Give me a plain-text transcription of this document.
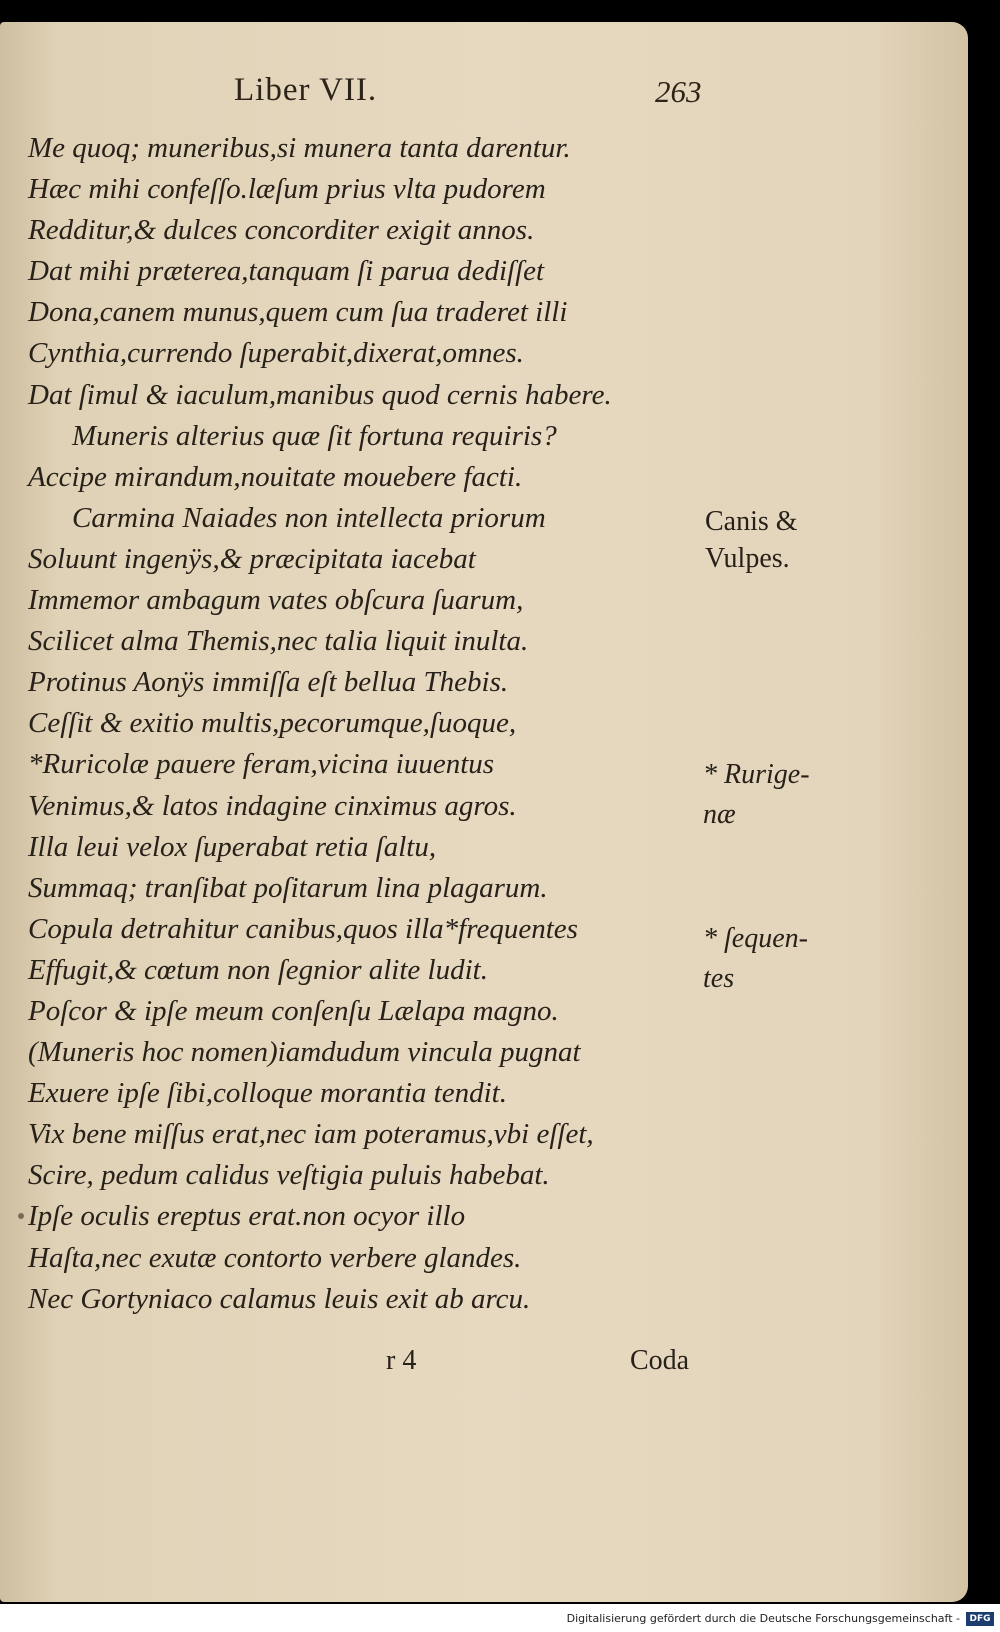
Liber VII.	263
Me quoq; muneribus,si munera tanta darentur.
Hæc mihi confeſſo.læſum prius vlta pudorem
Redditur,& dulces concorditer exigit annos.
Dat mihi præterea,tanquam ſi parua dediſſet
Dona,canem munus,quem cum ſua traderet illi
Cynthia,currendo ſuperabit,dixerat,omnes.
Dat ſimul & iaculum,manibus quod cernis habere.
Muneris alterius quæ ſit fortuna requiris?
Accipe mirandum,nouitate mouebere facti.
Carmina Naiades non intellecta priorum
Soluunt ingenÿs,& præcipitata iacebat
Immemor ambagum vates obſcura ſuarum,
Scilicet alma Themis,nec talia liquit inulta.
Protinus Aonÿs immiſſa eſt bellua Thebis.
Ceſſit & exitio multis,pecorumque,ſuoque,
*Ruricolæ pauere feram,vicina iuuentus
Venimus,& latos indagine cinximus agros.
Illa leui velox ſuperabat retia ſaltu,
Summaq; tranſibat poſitarum lina plagarum.
Copula detrahitur canibus,quos illa*frequentes
Effugit,& cœtum non ſegnior alite ludit.
Poſcor & ipſe meum conſenſu Lælapa magno.
(Muneris hoc nomen)iamdudum vincula pugnat
Exuere ipſe ſibi,colloque morantia tendit.
Vix bene miſſus erat,nec iam poteramus,vbi eſſet,
Scire, pedum calidus veſtigia puluis habebat.
Ipſe oculis ereptus erat.non ocyor illo
Haſta,nec exutæ contorto verbere glandes.
Nec Gortyniaco calamus leuis exit ab arcu.
Canis &
Vulpes.
* Rurige-
næ
* ſequen-
tes
r 4	Coda
Digitalisierung gefördert durch die Deutsche Forschungsgemeinschaft -	DFG
